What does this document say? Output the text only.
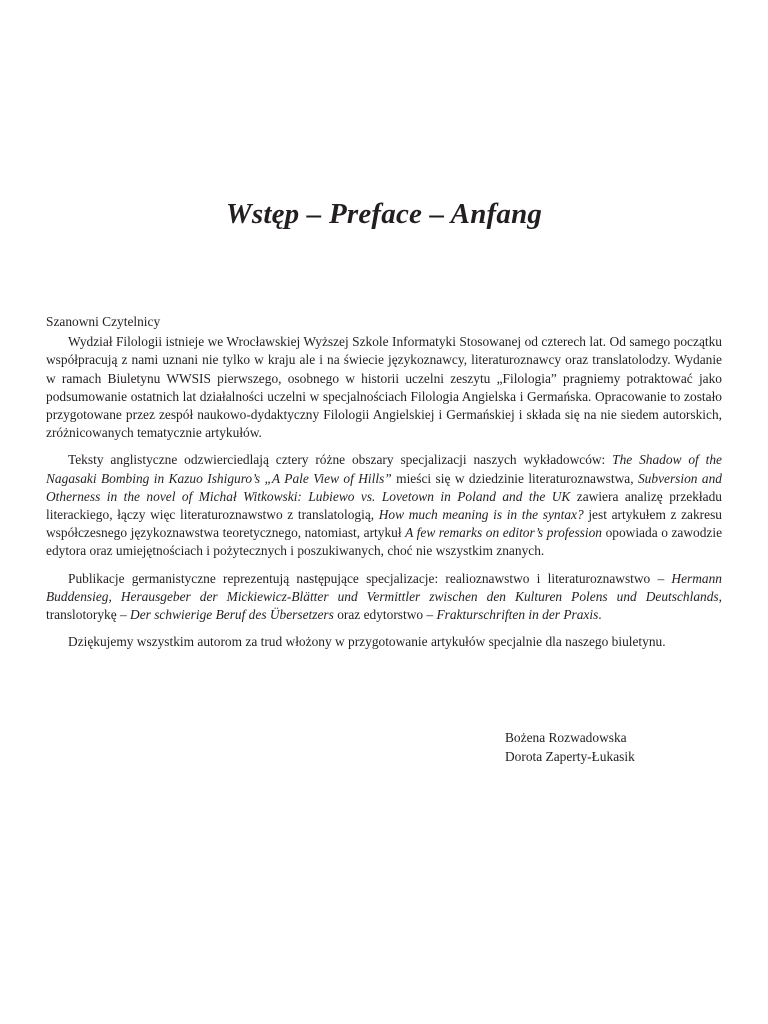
Wstęp – Preface – Anfang

Szanowni Czytelnicy

Wydział Filologii istnieje we Wrocławskiej Wyższej Szkole Informatyki Stosowanej od czterech lat. Od samego początku współpracują z nami uznani nie tylko w kraju ale i na świecie językoznawcy, literaturoznawcy oraz translatolodzy. Wydanie w ramach Biuletynu WWSIS pierwszego, osobnego w historii uczelni zeszytu „Filologia” pragniemy potraktować jako podsumowanie ostatnich lat działalności uczelni w specjalnościach Filologia Angielska i Germańska. Opracowanie to zostało przygotowane przez zespół naukowo-dydaktyczny Filologii Angielskiej i Germańskiej i składa się na nie siedem autorskich, zróżnicowanych tematycznie artykułów.

Teksty anglistyczne odzwierciedlają cztery różne obszary specjalizacji naszych wykładowców: The Shadow of the Nagasaki Bombing in Kazuo Ishiguro’s „A Pale View of Hills” mieści się w dziedzinie literaturoznawstwa, Subversion and Otherness in the novel of Michał Witkowski: Lubiewo vs. Lovetown in Poland and the UK zawiera analizę przekładu literackiego, łączy więc literaturoznawstwo z translatologią, How much meaning is in the syntax? jest artykułem z zakresu współczesnego językoznawstwa teoretycznego, natomiast, artykuł A few remarks on editor’s profession opowiada o zawodzie edytora oraz umiejętnościach i pożytecznych i poszukiwanych, choć nie wszystkim znanych.

Publikacje germanistyczne reprezentują następujące specjalizacje: realioznawstwo i literaturoznawstwo – Hermann Buddensieg, Herausgeber der Mickiewicz-Blätter und Vermittler zwischen den Kulturen Polens und Deutschlands, translotorykę – Der schwierige Beruf des Übersetzers oraz edytorstwo – Frakturschriften in der Praxis.

Dziękujemy wszystkim autorom za trud włożony w przygotowanie artykułów specjalnie dla naszego biuletynu.

Bożena Rozwadowska
Dorota Zaperty-Łukasik
